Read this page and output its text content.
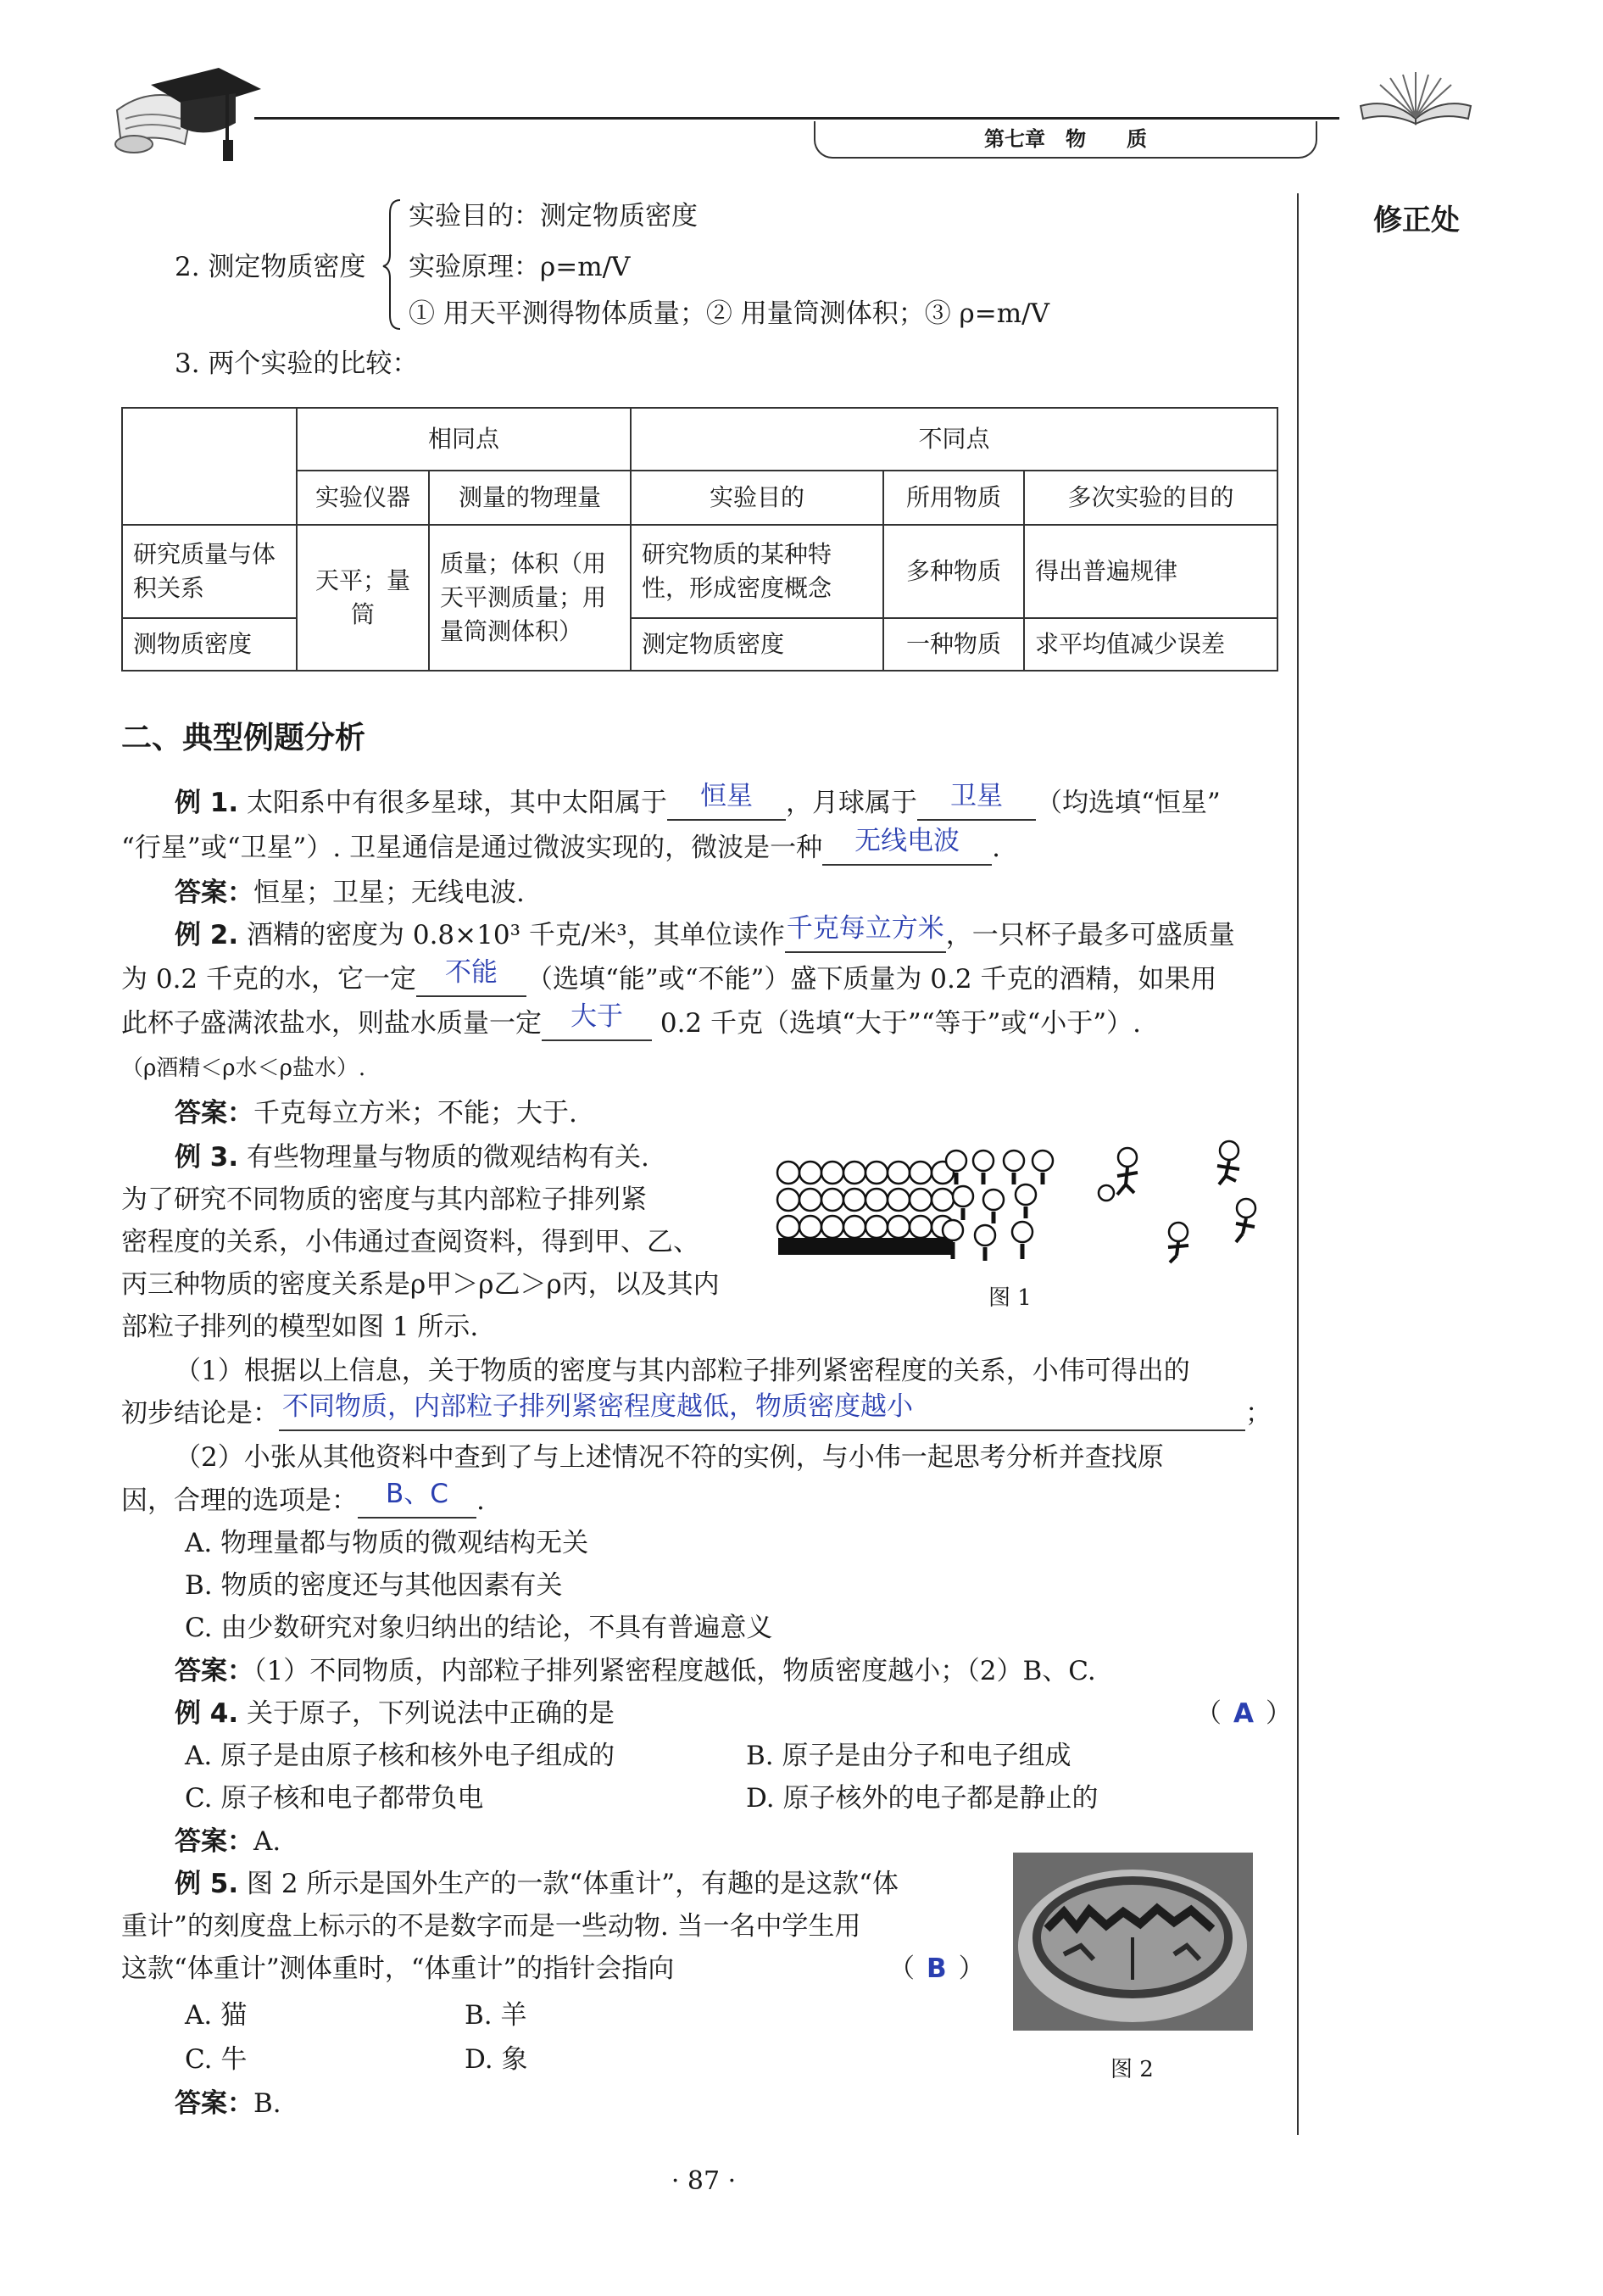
第七章　物　　质
修正处
2. 测定物质密度
实验目的：测定物质密度
实验原理：ρ=m/V
① 用天平测得物体质量；② 用量筒测体积；③ ρ=m/V
3. 两个实验的比较：
	相同点		不同点		
	实验仪器	测量的物理量	实验目的	所用物质	多次实验的目的
研究质量与体积关系	天平；量筒	质量；体积（用天平测质量；用量筒测体积）	研究物质的某种特性，形成密度概念	多种物质	得出普遍规律
测物质密度			测定物质密度	一种物质	求平均值减少误差
二、典型例题分析
例 1. 太阳系中有很多星球，其中太阳属于 恒星 ，月球属于 卫星 （均选填“恒星”
“行星”或“卫星”）. 卫星通信是通过微波实现的，微波是一种 无线电波 .
答案：恒星；卫星；无线电波.
例 2. 酒精的密度为 0.8×10³ 千克/米³，其单位读作千克每立方米，一只杯子最多可盛质量
为 0.2 千克的水，它一定 不能 （选填“能”或“不能”）盛下质量为 0.2 千克的酒精，如果用
此杯子盛满浓盐水，则盐水质量一定 大于 0.2 千克（选填“大于”“等于”或“小于”）.
（ρ酒精＜ρ水＜ρ盐水）.
答案：千克每立方米；不能；大于.
例 3. 有些物理量与物质的微观结构有关.
为了研究不同物质的密度与其内部粒子排列紧
密程度的关系，小伟通过查阅资料，得到甲、乙、
丙三种物质的密度关系是ρ甲＞ρ乙＞ρ丙，以及其内
部粒子排列的模型如图 1 所示.
图 1
（1）根据以上信息，关于物质的密度与其内部粒子排列紧密程度的关系，小伟可得出的
初步结论是： 不同物质，内部粒子排列紧密程度越低，物质密度越小	；
（2）小张从其他资料中查到了与上述情况不符的实例，与小伟一起思考分析并查找原
因，合理的选项是： B、C .
A. 物理量都与物质的微观结构无关
B. 物质的密度还与其他因素有关
C. 由少数研究对象归纳出的结论，不具有普遍意义
答案：（1）不同物质，内部粒子排列紧密程度越低，物质密度越小；（2）B、C.
例 4. 关于原子，下列说法中正确的是	（ A ）
A. 原子是由原子核和核外电子组成的	B. 原子是由分子和电子组成
C. 原子核和电子都带负电	D. 原子核外的电子都是静止的
答案：A.
例 5. 图 2 所示是国外生产的一款“体重计”，有趣的是这款“体
重计”的刻度盘上标示的不是数字而是一些动物. 当一名中学生用
这款“体重计”测体重时，“体重计”的指针会指向	（ B ）
A. 猫	B. 羊
C. 牛	D. 象
答案：B.
图 2
· 87 ·
